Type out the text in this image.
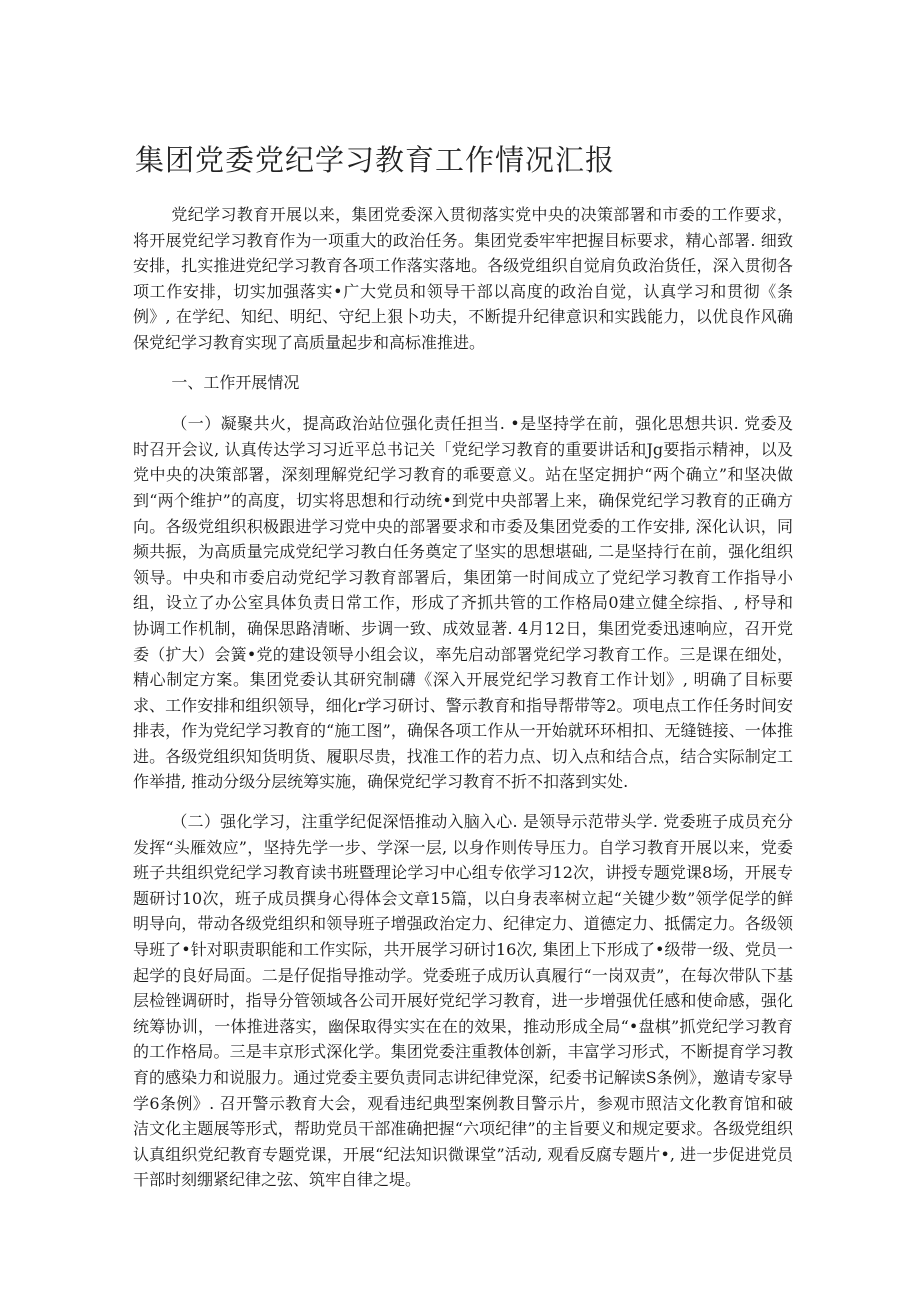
集团党委党纪学习教育工作情况汇报

党纪学习教育开展以来，集团党委深入贯彻落实党中央的决策部署和市委的工作要求，将开展党纪学习教育作为一项重大的政治任务。集团党委牢牢把握目标要求，精心部署. 细致安排，扎实推进党纪学习教育各项工作落实落地。各级党组织自觉肩负政治货任，深入贯彻各项工作安排，切实加强落实•广大党员和领导干部以高度的政治自觉，认真学习和贯彻《条例》, 在学纪、知纪、明纪、守纪上狠卜功夫，不断提升纪律意识和实践能力，以优良作风确保党纪学习教育实现了高质量起步和高标准推进。

一、工作开展情况

（一）凝聚共火，提高政治站位强化责任担当. •是坚持学在前，强化思想共识. 党委及时召开会议, 认真传达学习习近平总书记关「党纪学习教育的重要讲话和Jg要指示精神，以及党中央的决策部署，深刻理解党纪学习教育的乖要意义。站在坚定拥护“两个确立”和坚决做到“两个维护”的高度，切实将思想和行动统•到党中央部署上来，确保党纪学习教育的正确方向。各级党组织积极跟进学习党中央的部署要求和市委及集团党委的工作安排, 深化认识，同频共振，为高质量完成党纪学习教白任务奠定了坚实的思想堪础, 二是坚持行在前，强化组织领导。中央和市委启动党纪学习教育部署后，集团第一时间成立了党纪学习教育工作指导小组，设立了办公室具体负责日常工作，形成了齐抓共管的工作格局0建立健全综指、, 杼导和协调工作机制，确保思路清晰、步调一致、成效显著. 4月12日，集团党委迅速响应，召开党委（扩大）会簧•党的建设领导小组会议，率先启动部署党纪学习教育工作。三是课在细处，精心制定方案。集团党委认其研究制礴《深入开展党纪学习教育工作计划》, 明确了目标要求、工作安排和组织领导，细化r学习研讨、警示教育和指导帮带等2。项电点工作任务时间安排表，作为党纪学习教育的“施工图”，确保各项工作从一开始就环环相扣、无缝链接、一体推进。各级党组织知货明货、履职尽贵，找准工作的若力点、切入点和结合点，结合实际制定工作举措, 推动分级分层统筹实施，确保党纪学习教育不折不扣落到实处.

（二）强化学习，注重学纪促深悟推动入脑入心. 是领导示范带头学. 党委班子成员充分发挥“头雁效应”，坚持先学一步、学深一层, 以身作则传导压力。自学习教育开展以来，党委班子共组织党纪学习教育读书班暨理论学习中心组专依学习12次，讲授专题党课8场，开展专题研讨10次，班子成员撰身心得体会文章15篇，以白身表率树立起“关键少数”领学促学的鲜明导向，带动各级党组织和领导班子增强政治定力、纪律定力、道德定力、抵儒定力。各级领导班了•针对职责职能和工作实际，共开展学习研讨16次, 集团上下形成了•级带一级、党员一起学的良好局面。二是仔促指导推动学。党委班子成历认真履行“一岗双责”，在每次带队下基层检锉调研时，指导分管领域各公司开展好党纪学习教育，进一步增强优任感和使命感，强化统筹协训，一体推进落实，幽保取得实实在在的效果，推动形成全局“•盘棋”抓党纪学习教育的工作格局。三是丰京形式深化学。集团党委注重教体创新，丰富学习形式，不断提育学习教育的感染力和说服力。通过党委主要负责同志讲纪律党深，纪委书记解读S条例》，邀请专家导学6条例》. 召开警示教育大会，观看违纪典型案例教目警示片，参观市照洁文化教育馆和破洁文化主题展等形式，帮助党员干部准确把握“六项纪律”的主旨要义和规定要求。各级党组织认真组织党纪教育专题党课，开展“纪法知识微课堂”活动, 观看反腐专题片•, 进一步促进党员干部时刻绷紧纪律之弦、筑牢自律之堤。
